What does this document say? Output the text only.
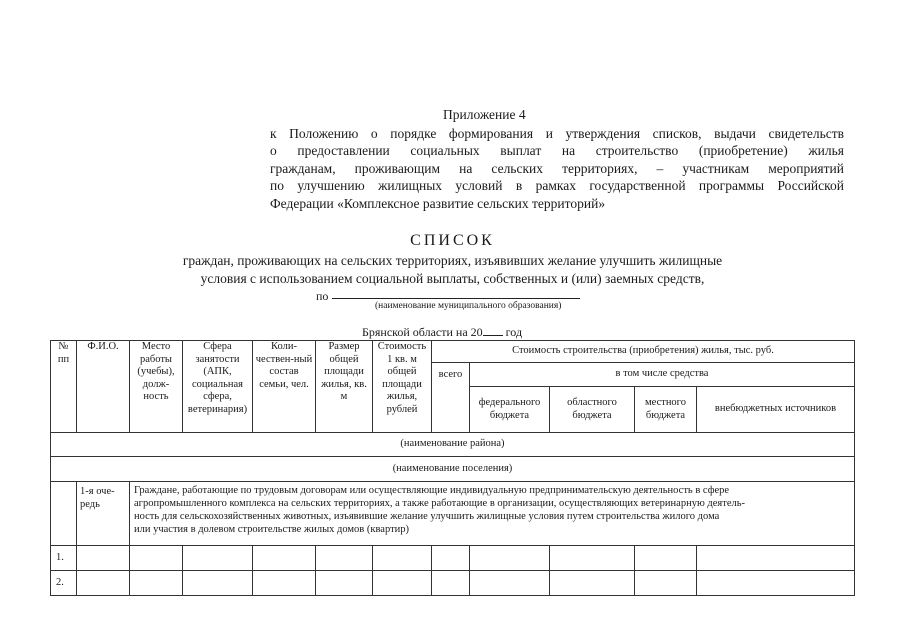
Приложение 4
к Положению о порядке формирования и утверждения списков, выдачи свидетельств
о предоставлении социальных выплат на строительство (приобретение) жилья
гражданам, проживающим на сельских территориях, – участникам мероприятий
по улучшению жилищных условий в рамках государственной программы Российской
Федерации «Комплексное развитие сельских территорий»
СПИСОК
граждан, проживающих на сельских территориях, изъявивших желание улучшить жилищные
условия с использованием социальной выплаты, собственных и (или) заемных средств,
по
(наименование муниципального образования)
Брянской области на 20 год
№ пп	Ф.И.О.	Место работы (учебы), долж-ность	Сфера занятости (АПК, социальная сфера, ветеринария)	Коли-чествен-ный состав семьи, чел.	Размер общей площади жилья, кв. м	Стоимость 1 кв. м общей площади жилья, рублей	Стоимость строительства (приобретения) жилья, тыс. руб.				
							всего	в том числе средства			
								федерального бюджета	областного бюджета	местного бюджета	внебюджетных источников
(наименование района)											
(наименование поселения)											
	1-я оче-редь	Граждане, работающие по трудовым договорам или осуществляющие индивидуальную предпринимательскую деятельность в сфере
агропромышленного комплекса на сельских территориях, а также работающие в организации, осуществляющих ветеринарную деятель-
ность для сельскохозяйственных животных, изъявившие желание улучшить жилищные условия путем строительства жилого дома
или участия в долевом строительстве жилых домов (квартир)									

1.											
2.											
